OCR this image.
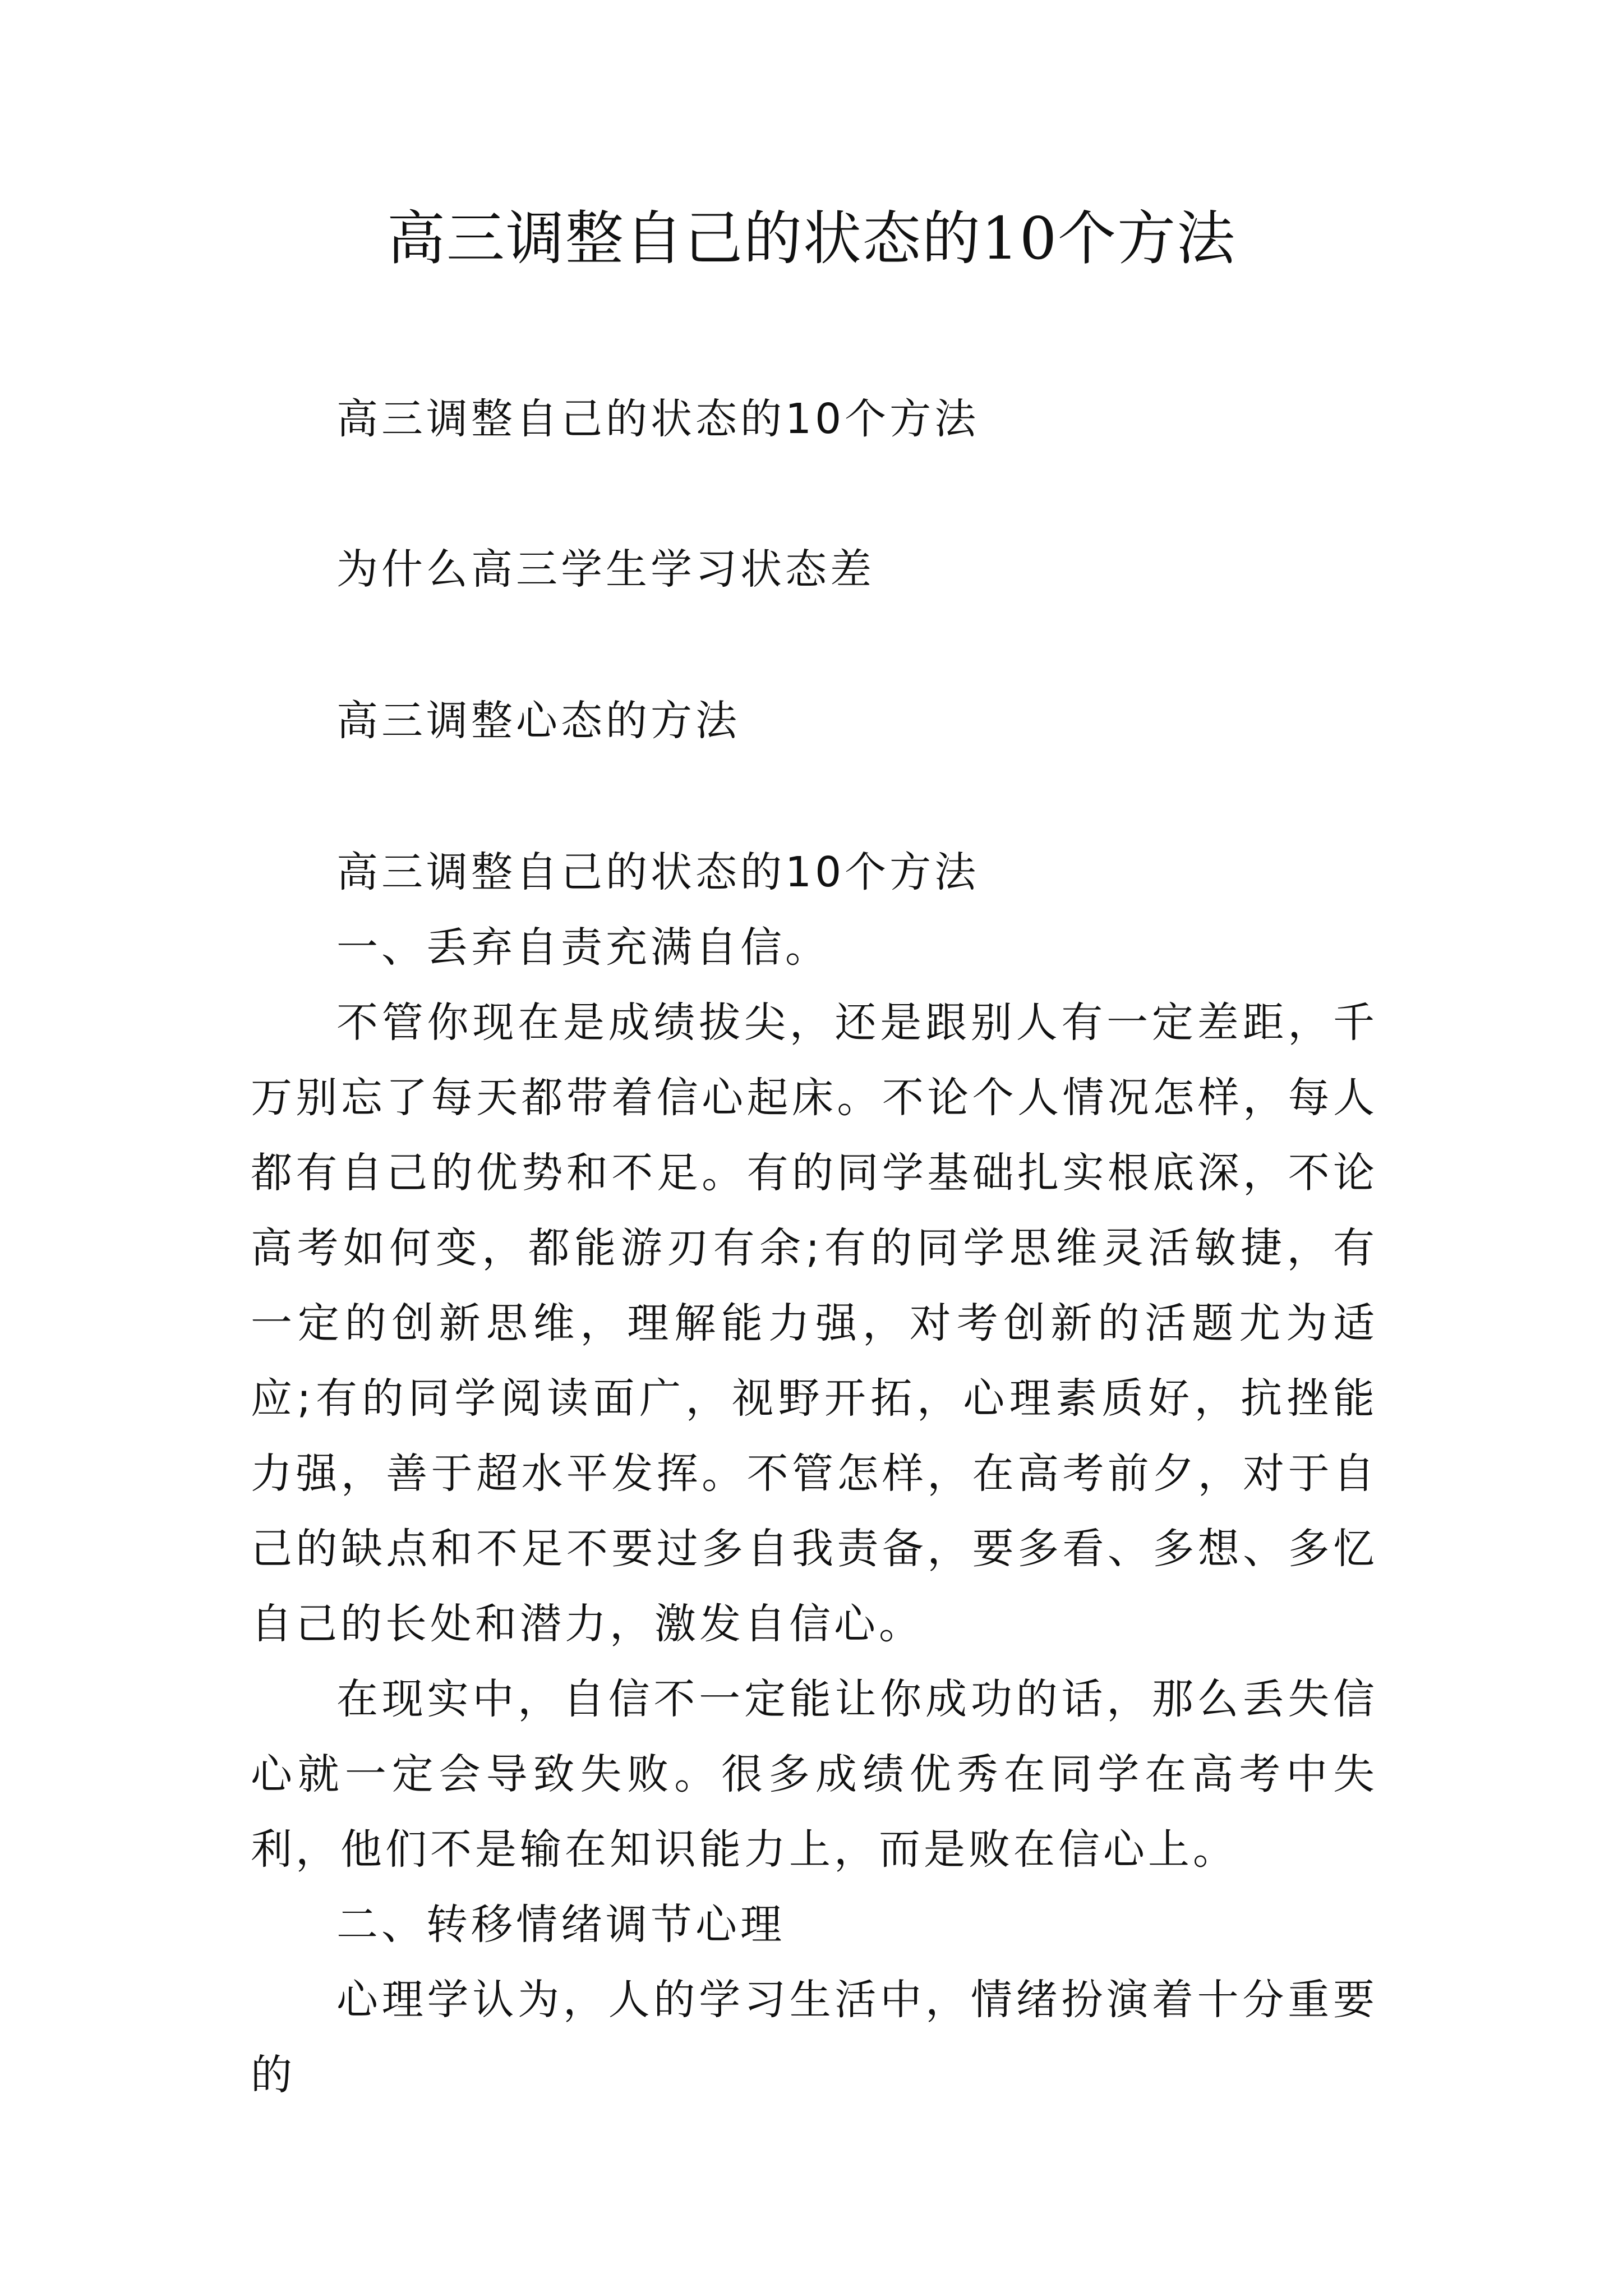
高三调整自己的状态的10个方法

高三调整自己的状态的10个方法

为什么高三学生学习状态差

高三调整心态的方法

高三调整自己的状态的10个方法

一、丢弃自责充满自信。

不管你现在是成绩拔尖，还是跟别人有一定差距，千万别忘了每天都带着信心起床。不论个人情况怎样，每人都有自己的优势和不足。有的同学基础扎实根底深，不论高考如何变，都能游刃有余;有的同学思维灵活敏捷，有一定的创新思维，理解能力强，对考创新的活题尤为适应;有的同学阅读面广，视野开拓，心理素质好，抗挫能力强，善于超水平发挥。不管怎样，在高考前夕，对于自己的缺点和不足不要过多自我责备，要多看、多想、多忆自己的长处和潜力，激发自信心。

在现实中，自信不一定能让你成功的话，那么丢失信心就一定会导致失败。很多成绩优秀在同学在高考中失利，他们不是输在知识能力上，而是败在信心上。

二、转移情绪调节心理

心理学认为，人的学习生活中，情绪扮演着十分重要的
